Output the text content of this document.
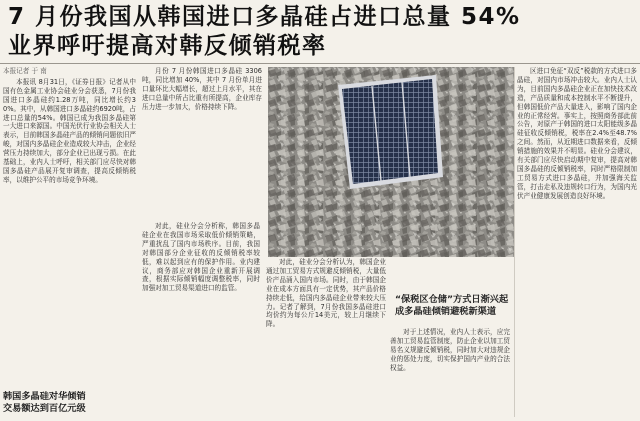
7 月份我国从韩国进口多晶硅占进口总量 54%
业界呼吁提高对韩反倾销税率
本报记者 于 南

本报讯 8月31日，《证券日报》记者从中国有色金属工业协会硅业分会获悉，7月份我国进口多晶硅约1.28万吨，同比增长约30%。其中，从韩国进口多晶硅约6920吨，占进口总量的54%。韩国已成为我国多晶硅第一大进口来源国。中国光伏行业协会相关人士表示，目前韩国多晶硅产品的倾销问题依旧严峻，对国内多晶硅企业造成较大冲击，企业经营压力持续加大，部分企业已出现亏损。在此基础上，业内人士呼吁，相关部门应尽快对韩国多晶硅产品展开复审调查，提高反倾销税率，以维护公平的市场竞争环境。

月份 7 月份韩国进口多晶硅 3306 吨，同比增加 40%，其中 7 月份单月进口量环比大幅增长，超过上月水平，其在进口总量中所占比重有所提高，企业库存压力进一步加大，价格持续下降。

对此，硅业分会分析称，韩国多晶硅企业在我国市场采取低价倾销策略，严重扰乱了国内市场秩序。目前，我国对韩国部分企业征收的反倾销税率较低，难以起到应有的保护作用。业内建议，商务部应对韩国企业重新开展调查，根据实际倾销幅度调整税率，同时加强对加工贸易渠道进口的监管。

对此，硅业分会分析认为，韩国企业通过加工贸易方式规避反倾销税，大量低价产品涌入国内市场。同时，由于韩国企业在成本方面具有一定优势，其产品价格持续走低，给国内多晶硅企业带来较大压力。记者了解到，7月份我国多晶硅进口均价约为每公斤14美元，较上月继续下降。

“保税区仓储”方式日渐兴起
成多晶硅倾销避税新渠道

对于上述情况，业内人士表示，应完善加工贸易监管制度，防止企业以加工贸易名义规避反倾销税，同时加大对违规企业的惩处力度，切实保护国内产业的合法权益。

区进口免征“双反”税款的方式进口多晶硅，对国内市场冲击较大。业内人士认为，目前国内多晶硅企业正在加快技术改造，产品质量和成本控制水平不断提升，但韩国低价产品大量进入，影响了国内企业的正常经营。事实上，按照商务部此前公告，对原产于韩国的进口太阳能级多晶硅征收反倾销税，税率在2.4%至48.7%之间。然而，从近期进口数据来看，反倾销措施的效果并不明显。硅业分会建议，有关部门应尽快启动期中复审，提高对韩国多晶硅的反倾销税率，同时严格限制加工贸易方式进口多晶硅，并加强海关监管，打击走私及违规转口行为，为国内光伏产业健康发展创造良好环境。

韩国多晶硅对华倾销
交易额达到百亿元级
